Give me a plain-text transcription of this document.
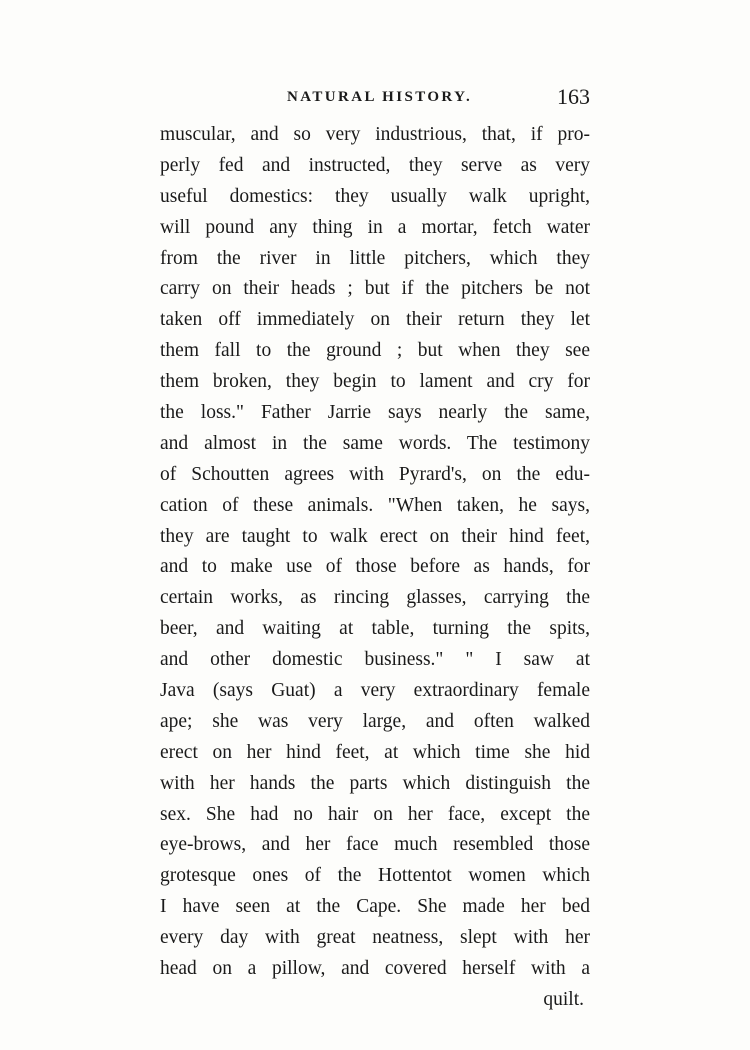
NATURAL HISTORY.	163
muscular, and so very industrious, that, if pro-
perly fed and instructed, they serve as very
useful domestics: they usually walk upright,
will pound any thing in a mortar, fetch water
from the river in little pitchers, which they
carry on their heads ; but if the pitchers be not
taken off immediately on their return they let
them fall to the ground ; but when they see
them broken, they begin to lament and cry for
the loss." Father Jarrie says nearly the same,
and almost in the same words. The testimony
of Schoutten agrees with Pyrard's, on the edu-
cation of these animals. "When taken, he says,
they are taught to walk erect on their hind feet,
and to make use of those before as hands, for
certain works, as rincing glasses, carrying the
beer, and waiting at table, turning the spits,
and other domestic business." " I saw at
Java (says Guat) a very extraordinary female
ape; she was very large, and often walked
erect on her hind feet, at which time she hid
with her hands the parts which distinguish the
sex. She had no hair on her face, except the
eye-brows, and her face much resembled those
grotesque ones of the Hottentot women which
I have seen at the Cape. She made her bed
every day with great neatness, slept with her
head on a pillow, and covered herself with a
quilt.
